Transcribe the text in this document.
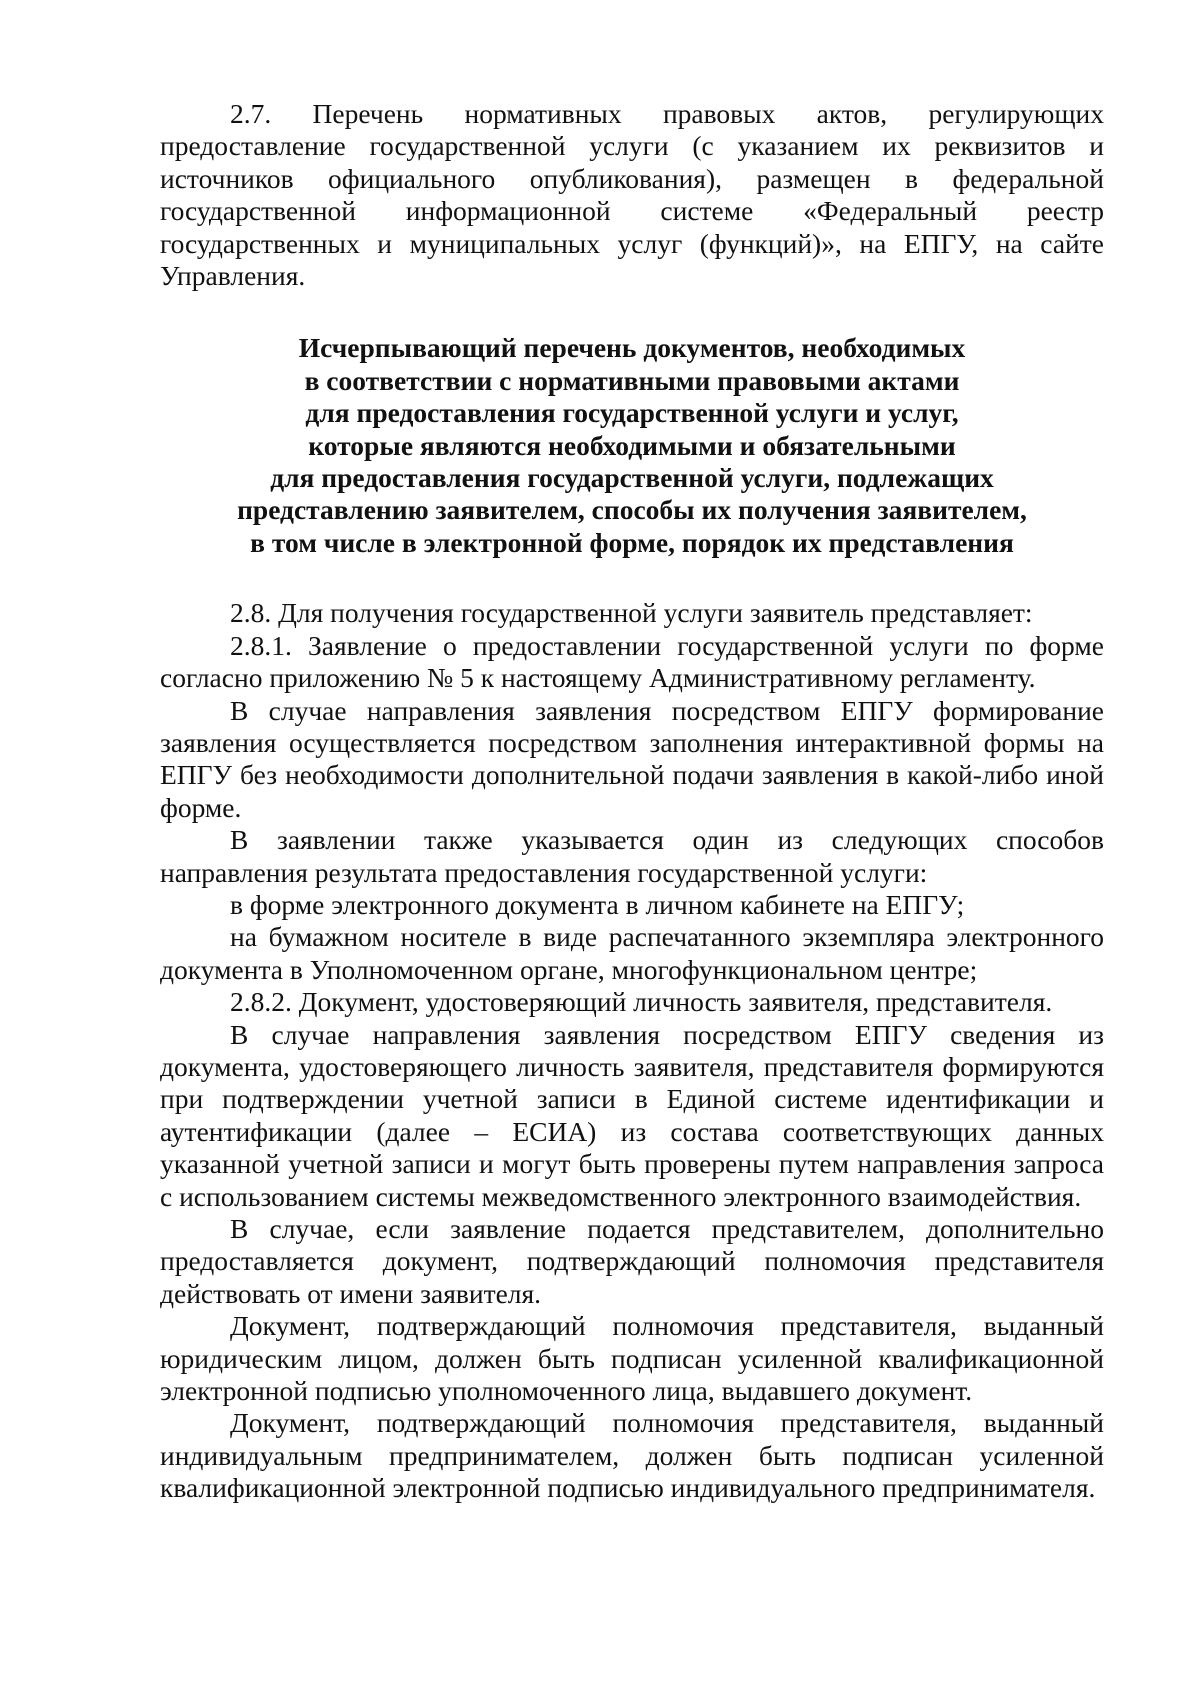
2.7. Перечень нормативных правовых актов, регулирующих предоставление государственной услуги (с указанием их реквизитов и источников официального опубликования), размещен в федеральной государственной информационной системе «Федеральный реестр государственных и муниципальных услуг (функций)», на ЕПГУ, на сайте Управления.

Исчерпывающий перечень документов, необходимых
в соответствии с нормативными правовыми актами
для предоставления государственной услуги и услуг,
которые являются необходимыми и обязательными
для предоставления государственной услуги, подлежащих
представлению заявителем, способы их получения заявителем,
в том числе в электронной форме, порядок их представления

2.8. Для получения государственной услуги заявитель представляет:

2.8.1. Заявление о предоставлении государственной услуги по форме согласно приложению № 5 к настоящему Административному регламенту.

В случае направления заявления посредством ЕПГУ формирование заявления осуществляется посредством заполнения интерактивной формы на ЕПГУ без необходимости дополнительной подачи заявления в какой-либо иной форме.

В заявлении также указывается один из следующих способов направления результата предоставления государственной услуги:

в форме электронного документа в личном кабинете на ЕПГУ;

на бумажном носителе в виде распечатанного экземпляра электронного документа в Уполномоченном органе, многофункциональном центре;

2.8.2. Документ, удостоверяющий личность заявителя, представителя.

В случае направления заявления посредством ЕПГУ сведения из документа, удостоверяющего личность заявителя, представителя формируются при подтверждении учетной записи в Единой системе идентификации и аутентификации (далее – ЕСИА) из состава соответствующих данных указанной учетной записи и могут быть проверены путем направления запроса с использованием системы межведомственного электронного взаимодействия.

В случае, если заявление подается представителем, дополнительно предоставляется документ, подтверждающий полномочия представителя действовать от имени заявителя.

Документ, подтверждающий полномочия представителя, выданный юридическим лицом, должен быть подписан усиленной квалификационной электронной подписью уполномоченного лица, выдавшего документ.

Документ, подтверждающий полномочия представителя, выданный индивидуальным предпринимателем, должен быть подписан усиленной квалификационной электронной подписью индивидуального предпринимателя.
